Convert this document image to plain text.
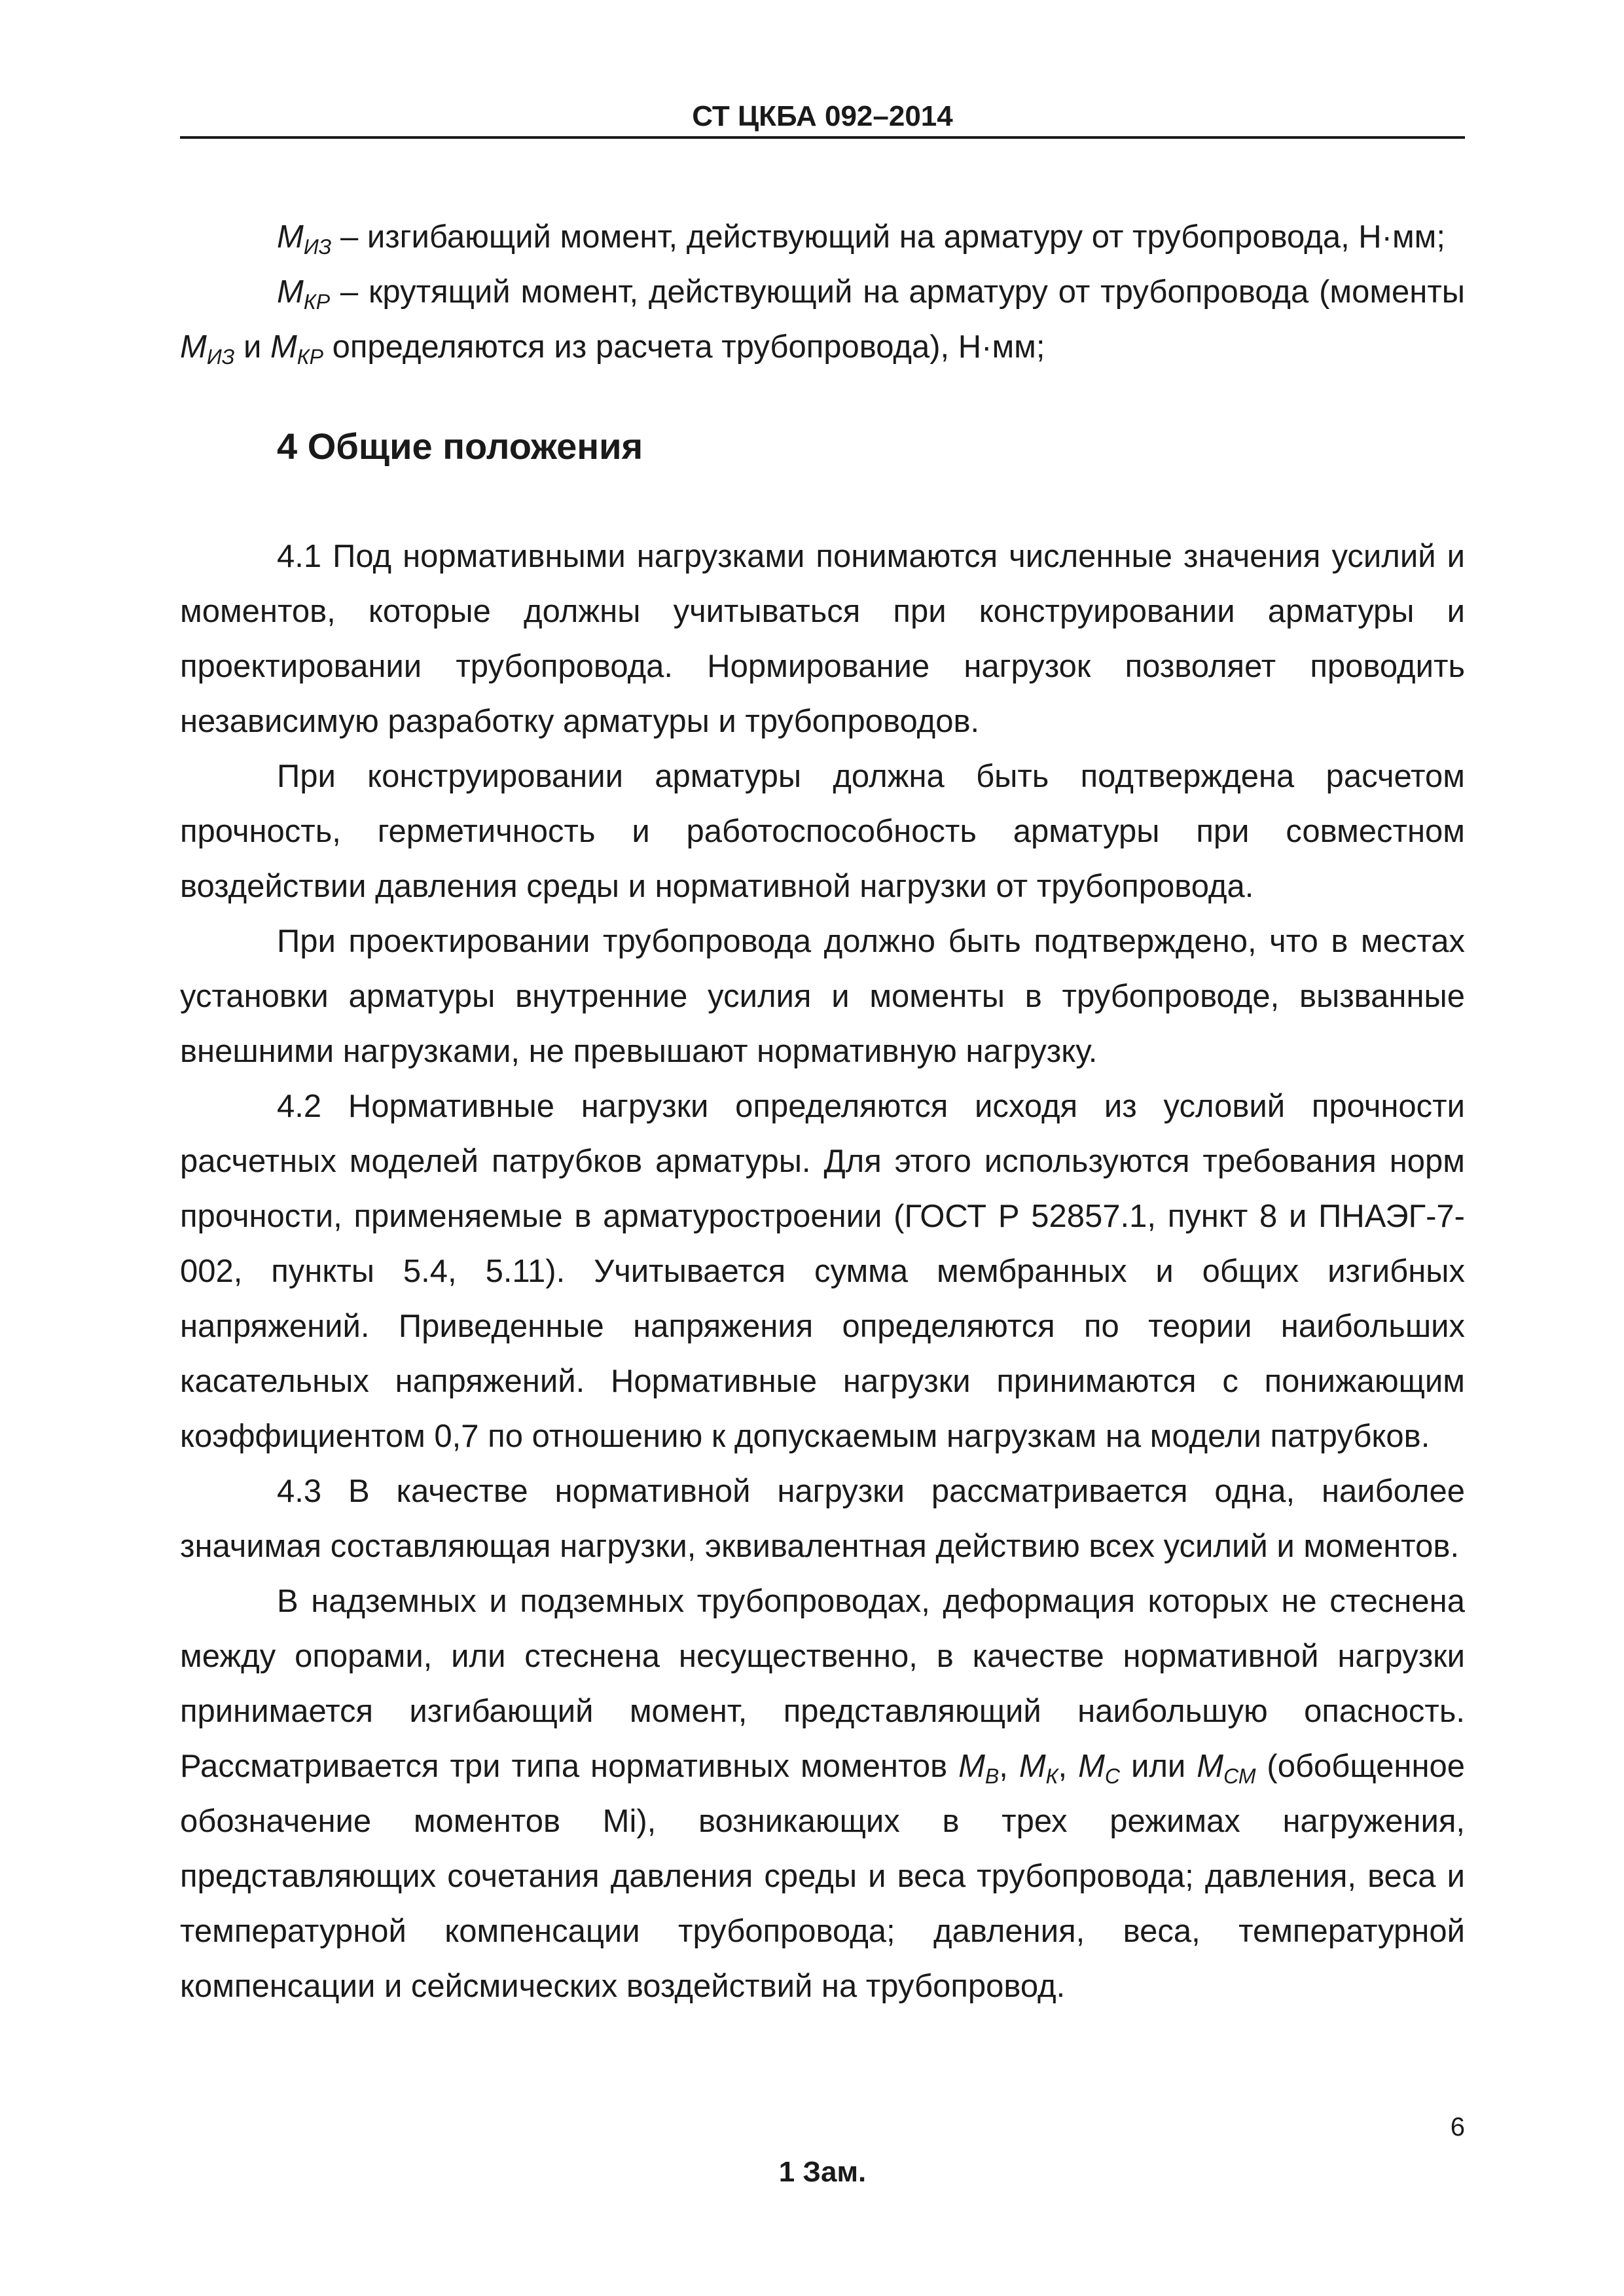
СТ ЦКБА 092–2014

$M_{ИЗ}$ – изгибающий момент, действующий на арматуру от трубопровода, Н·мм;

$M_{КР}$ – крутящий момент, действующий на арматуру от трубопровода (моменты $M_{ИЗ}$ и $M_{КР}$ определяются из расчета трубопровода), Н·мм;

4 Общие положения

4.1 Под нормативными нагрузками понимаются численные значения усилий и моментов, которые должны учитываться при конструировании арматуры и проектировании трубопровода. Нормирование нагрузок позволяет проводить независимую разработку арматуры и трубопроводов.

При конструировании арматуры должна быть подтверждена расчетом прочность, герметичность и работоспособность арматуры при совместном воздействии давления среды и нормативной нагрузки от трубопровода.

При проектировании трубопровода должно быть подтверждено, что в местах установки арматуры внутренние усилия и моменты в трубопроводе, вызванные внешними нагрузками, не превышают нормативную нагрузку.

4.2 Нормативные нагрузки определяются исходя из условий прочности расчетных моделей патрубков арматуры. Для этого используются требования норм прочности, применяемые в арматуростроении (ГОСТ Р 52857.1, пункт 8 и ПНАЭГ-7-002, пункты 5.4, 5.11). Учитывается сумма мембранных и общих изгибных напряжений. Приведенные напряжения определяются по теории наибольших касательных напряжений. Нормативные нагрузки принимаются с понижающим коэффициентом 0,7 по отношению к допускаемым нагрузкам на модели патрубков.

4.3 В качестве нормативной нагрузки рассматривается одна, наиболее значимая составляющая нагрузки, эквивалентная действию всех усилий и моментов.

В надземных и подземных трубопроводах, деформация которых не стеснена между опорами, или стеснена несущественно, в качестве нормативной нагрузки принимается изгибающий момент, представляющий наибольшую опасность. Рассматривается три типа нормативных моментов $M_В$, $M_К$, $M_С$ или $M_{СМ}$ (обобщенное обозначение моментов Mi), возникающих в трех режимах нагружения, представляющих сочетания давления среды и веса трубопровода; давления, веса и температурной компенсации трубопровода; давления, веса, температурной компенсации и сейсмических воздействий на трубопровод.

6
1 Зам.
